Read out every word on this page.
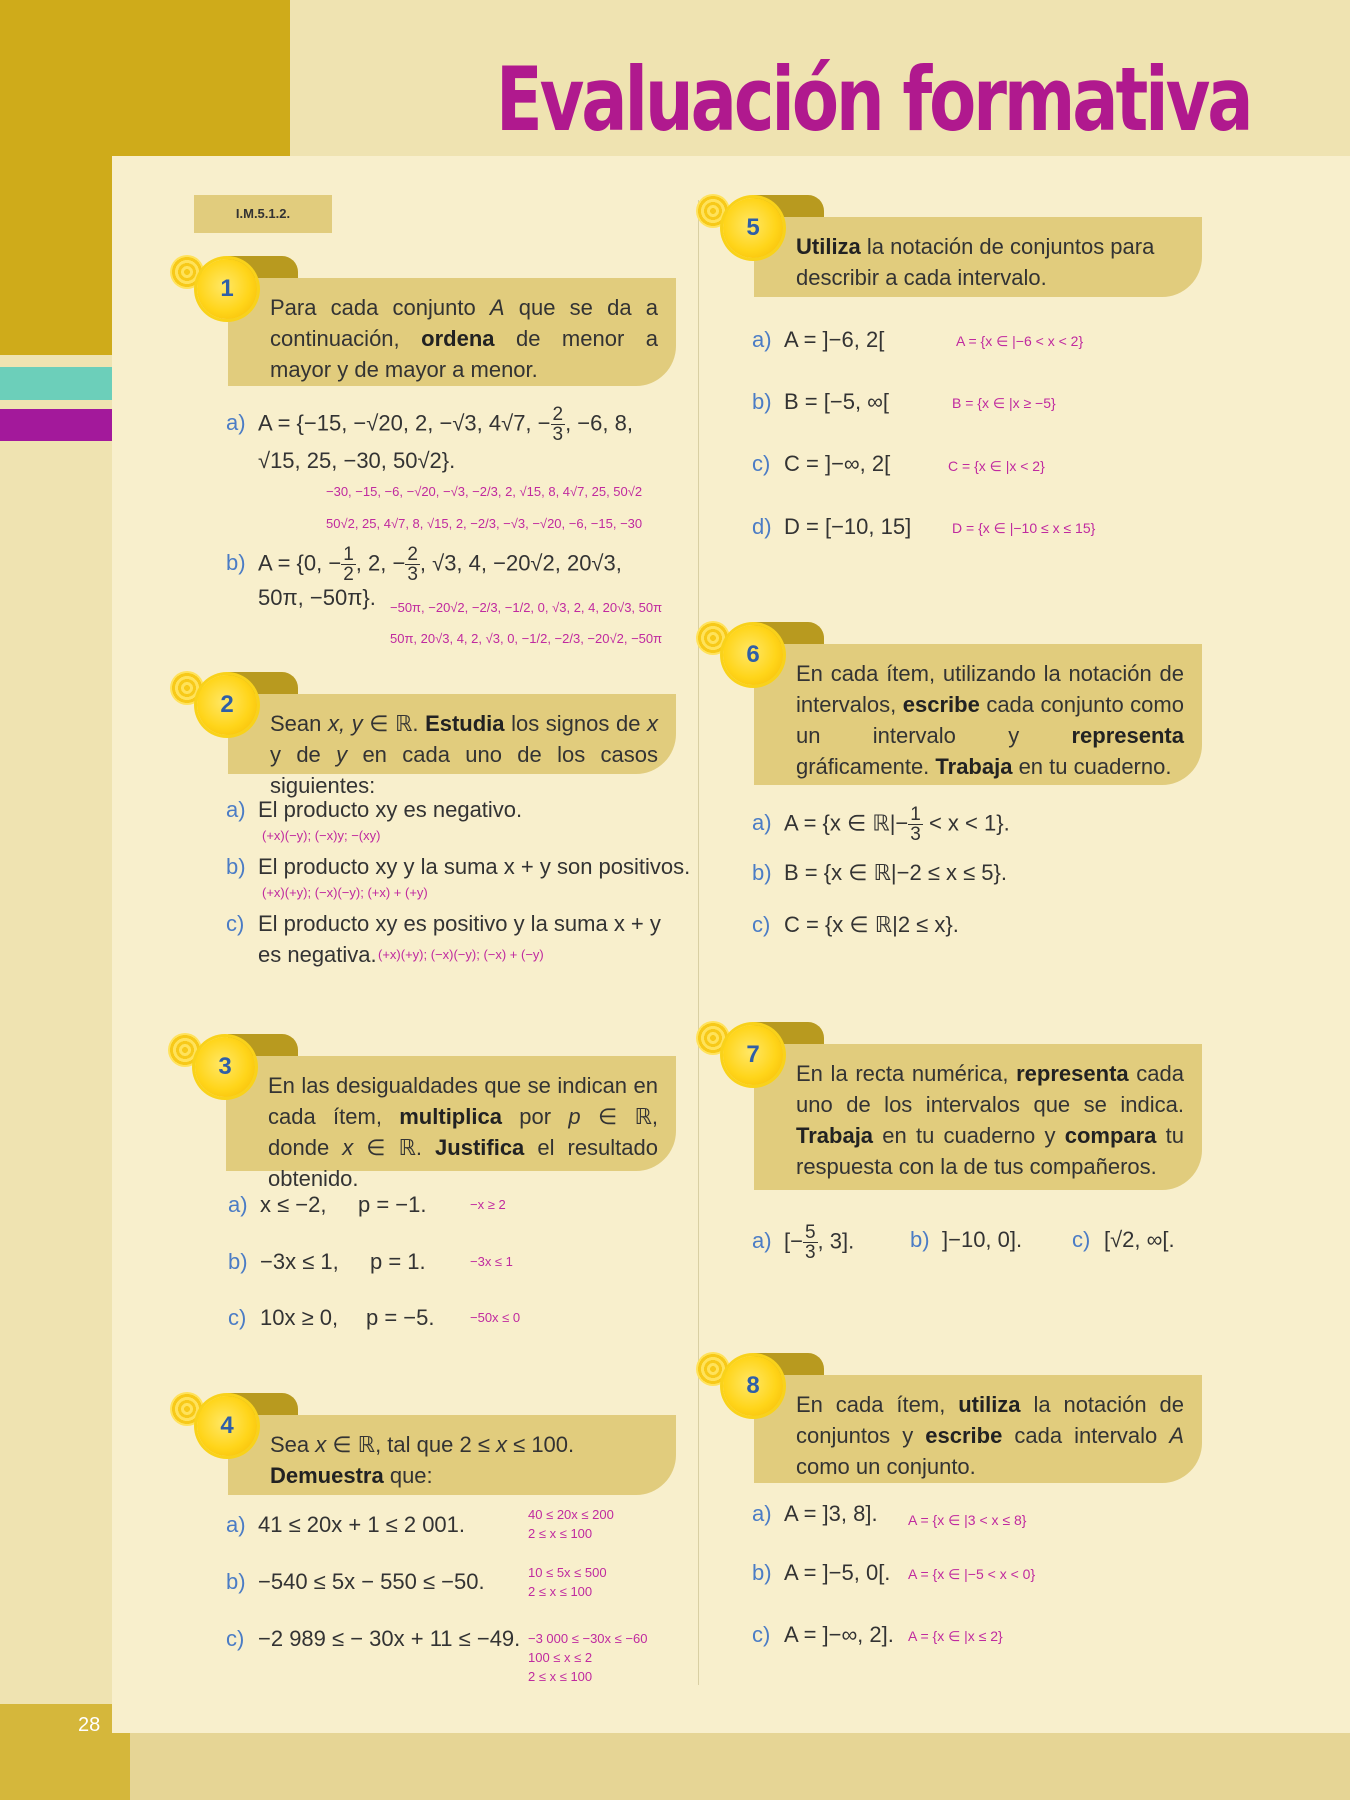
28
Evaluación formativa
I.M.5.1.2.
Para cada conjunto A que se da a continuación, ordena de menor a mayor y de mayor a menor.
1
a) A = {−15, −√20, 2, −√3, 4√7, − $\frac{2}{3}$ , −6, 8,
√15, 25, −30, 50√2}.
−30, −15, −6, −√20, −√3, −2/3, 2, √15, 8, 4√7, 25, 50√2
50√2, 25, 4√7, 8, √15, 2, −2/3, −√3, −√20, −6, −15, −30
b) A = {0, − $\frac{1}{2}$ , 2, − $\frac{2}{3}$ , √3, 4, −20√2, 20√3,
50π, −50π}. −50π, −20√2, −2/3, −1/2, 0, √3, 2, 4, 20√3, 50π
50π, 20√3, 4, 2, √3, 0, −1/2, −2/3, −20√2, −50π
Sean x, y ∈ ℝ. Estudia los signos de x y de y en cada uno de los casos siguientes:
2
a) El producto xy es negativo.
(+x)(−y); (−x)y; −(xy)
b) El producto xy y la suma x + y son positivos.
(+x)(+y); (−x)(−y); (+x) + (+y)
c) El producto xy es positivo y la suma x + y
es negativa. (+x)(+y); (−x)(−y); (−x) + (−y)
En las desigualdades que se indican en cada ítem, multiplica por p ∈ ℝ, donde x ∈ ℝ. Justifica el resultado obtenido.
3
a) x ≤ −2, p = −1.	−x ≥ 2
b) −3x ≤ 1, p = 1.	−3x ≤ 1
c) 10x ≥ 0, p = −5.	−50x ≤ 0
Sea x ∈ ℝ, tal que 2 ≤ x ≤ 100.
Demuestra que:
4
a) 41 ≤ 20x + 1 ≤ 2 001.	40 ≤ 20x ≤ 200
2 ≤ x ≤ 100
b) −540 ≤ 5x − 550 ≤ −50.	10 ≤ 5x ≤ 500
2 ≤ x ≤ 100
c) −2 989 ≤ − 30x + 11 ≤ −49. −3 000 ≤ −30x ≤ −60
100 ≤ x ≤ 2
2 ≤ x ≤ 100
Utiliza la notación de conjuntos para describir a cada intervalo.
5
a) A = ]−6, 2[	A = {x ∈ |−6 < x < 2}
b) B = [−5, ∞[	B = {x ∈ |x ≥ −5}
c) C = ]−∞, 2[	C = {x ∈ |x < 2}
d) D = [−10, 15]	D = {x ∈ |−10 ≤ x ≤ 15}
En cada ítem, utilizando la notación de intervalos, escribe cada conjunto como un intervalo y representa gráficamente. Trabaja en tu cuaderno.
6
a) A = {x ∈ ℝ|− $\frac{1}{3} < x < 1$}.
b) B = {x ∈ ℝ|−2 ≤ x ≤ 5}.
c) C = {x ∈ ℝ|2 ≤ x}.
En la recta numérica, representa cada uno de los intervalos que se indica. Trabaja en tu cuaderno y compara tu respuesta con la de tus compañeros.
7
a) [− $\frac{5}{3}$ , 3].	b) ]−10, 0]. c) [√2, ∞[.
En cada ítem, utiliza la notación de conjuntos y escribe cada intervalo A como un conjunto.
8
a) A = ]3, 8]. A = {x ∈ |3 < x ≤ 8}
b) A = ]−5, 0[. A = {x ∈ |−5 < x < 0}
c) A = ]−∞, 2]. A = {x ∈ |x ≤ 2}
